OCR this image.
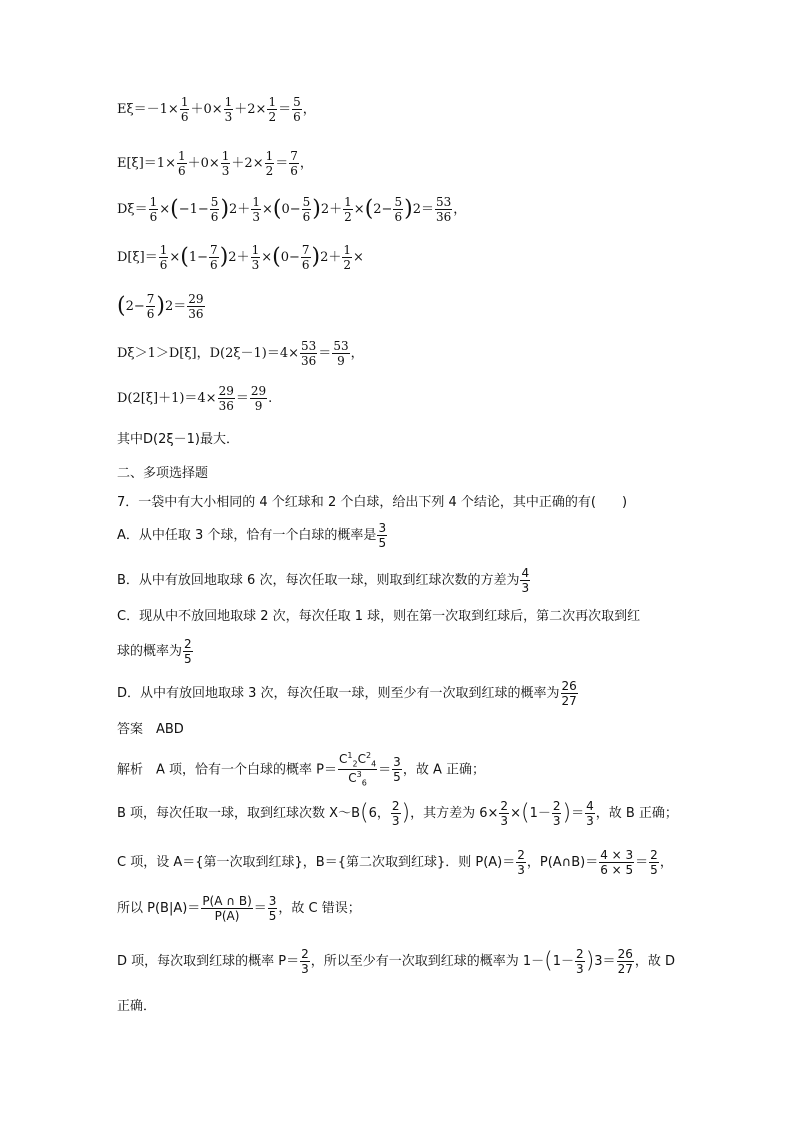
$E\xi=-1\times \frac{1}{6} +0\times \frac{1}{3} +2\times \frac{1}{2} = \frac{5}{6}$ ，
$E[\xi]=1\times \frac{1}{6} +0\times \frac{1}{3} +2\times \frac{1}{2} = \frac{7}{6}$ ，
$D\xi= \frac{1}{6} \times(-1- \frac{5}{6} )2+ \frac{1}{3} \times(0- \frac{5}{6} )2+ \frac{1}{2} \times(2- \frac{5}{6} )2= \frac{53}{36}$ ，
$D[\xi]= \frac{1}{6} \times(1- \frac{7}{6} )2+ \frac{1}{3} \times(0- \frac{7}{6} )2+ \frac{1}{2}$ ×
$(2- \frac{7}{6} )2= \frac{29}{36}$
Dξ＞1＞D[ξ]，$D(2\xi-1)=4\times \frac{53}{36} = \frac{53}{9}$ ，
$D(2[\xi]+1)=4\times \frac{29}{36} = \frac{29}{9}$ .
其中D(2ξ－1)最大．
二、多项选择题
7．一袋中有大小相同的 4 个红球和 2 个白球，给出下列 4 个结论，其中正确的有(　　)
A．从中任取 3 个球，恰有一个白球的概率是 $\frac{3}{5}$
B．从中有放回地取球 6 次，每次任取一球，则取到红球次数的方差为 $\frac{4}{3}$
C．现从中不放回地取球 2 次，每次任取 1 球，则在第一次取到红球后，第二次再次取到红
球的概率为 $\frac{2}{5}$
D．从中有放回地取球 3 次，每次任取一球，则至少有一次取到红球的概率为 $\frac{26}{27}$
答案　ABD
解析　A 项，恰有一个白球的概率 $P= \frac{C^1_2C^2_4}{C^3_6} = \frac{3}{5}$ ，故 A 正确；
B 项，每次任取一球，取到红球次数 X～B(6， $\frac{2}{3}$ )，其方差为 $6\times \frac{2}{3} \times(1- \frac{2}{3}$ )＝ $\frac{4}{3}$ ，故 B 正确；
C 项，设 A＝{第一次取到红球}，B＝{第二次取到红球}．则 $P(A)= \frac{2}{3}$ ，P(A∩B)＝ $\frac{4 \times 3}{6 \times 5} = \frac{2}{5}$ ，
所以 $P(B|A)= \frac{P(A \cap B)}{P(A)} = \frac{3}{5}$ ，故 C 错误；
D 项，每次取到红球的概率 $P= \frac{2}{3}$ ，所以至少有一次取到红球的概率为 $1-(1- \frac{2}{3} )3= \frac{26}{27}$ ，故 D
正确．
